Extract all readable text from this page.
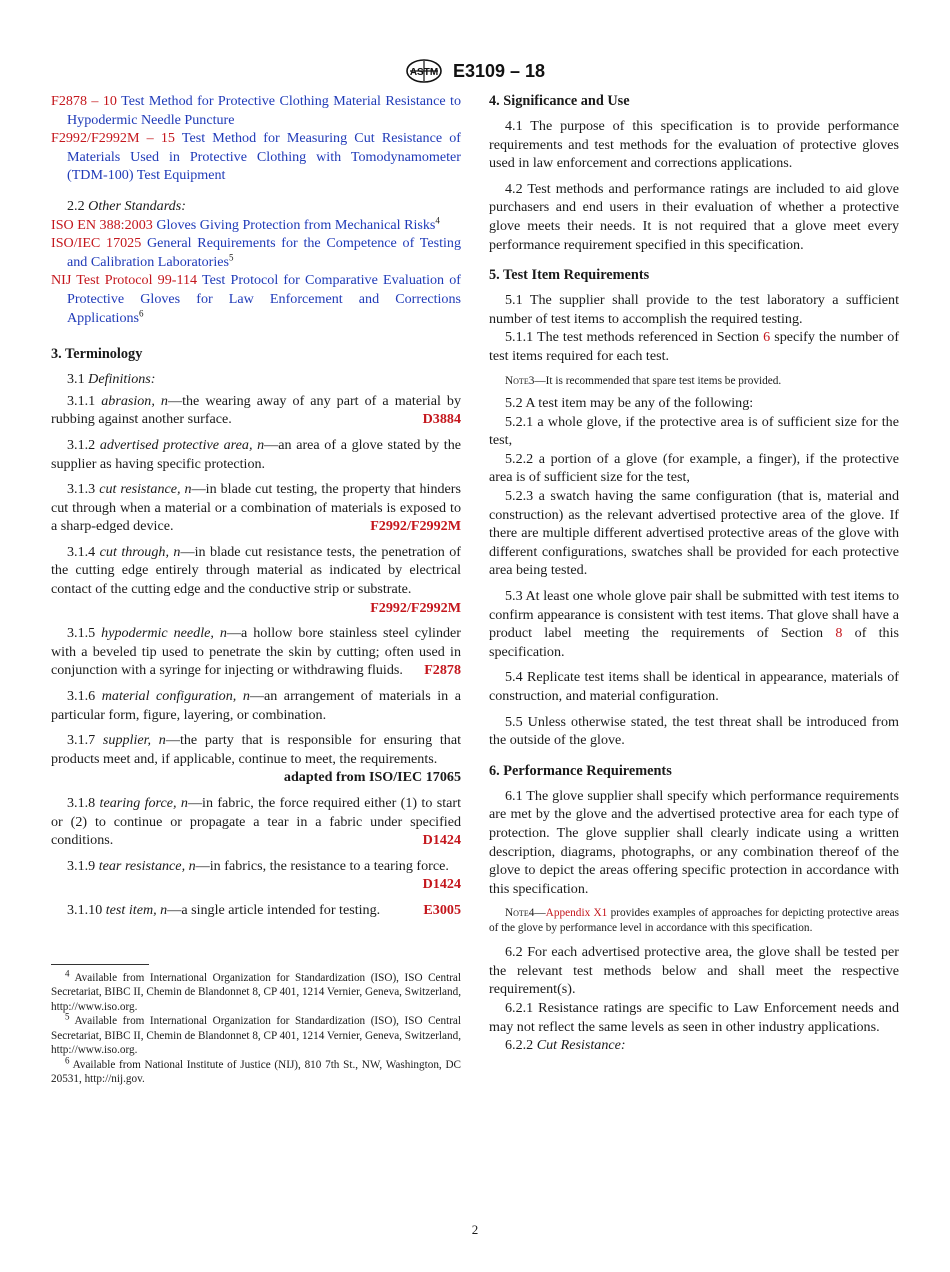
ASTM E3109 – 18

F2878 – 10 Test Method for Protective Clothing Material Resistance to Hypodermic Needle Puncture

F2992/F2992M – 15 Test Method for Measuring Cut Resistance of Materials Used in Protective Clothing with Tomodynamometer (TDM-100) Test Equipment

2.2 Other Standards:

ISO EN 388:2003 Gloves Giving Protection from Mechanical Risks$^4$

ISO/IEC 17025 General Requirements for the Competence of Testing and Calibration Laboratories$^5$

NIJ Test Protocol 99-114 Test Protocol for Comparative Evaluation of Protective Gloves for Law Enforcement and Corrections Applications$^6$

3. Terminology

3.1 Definitions:

3.1.1 abrasion, n—the wearing away of any part of a material by rubbing against another surface.	D3884

3.1.2 advertised protective area, n—an area of a glove stated by the supplier as having specific protection.

3.1.3 cut resistance, n—in blade cut testing, the property that hinders cut through when a material or a combination of materials is exposed to a sharp-edged device.	F2992/F2992M

3.1.4 cut through, n—in blade cut resistance tests, the penetration of the cutting edge entirely through material as indicated by electrical contact of the cutting edge and the conductive strip or substrate.
F2992/F2992M

3.1.5 hypodermic needle, n—a hollow bore stainless steel cylinder with a beveled tip used to penetrate the skin by cutting; often used in conjunction with a syringe for injecting or withdrawing fluids.	F2878

3.1.6 material configuration, n—an arrangement of materials in a particular form, figure, layering, or combination.

3.1.7 supplier, n—the party that is responsible for ensuring that products meet and, if applicable, continue to meet, the requirements.
adapted from ISO/IEC 17065

3.1.8 tearing force, n—in fabric, the force required either (1) to start or (2) to continue or propagate a tear in a fabric under specified conditions.	D1424

3.1.9 tear resistance, n—in fabrics, the resistance to a tearing force.
D1424

3.1.10 test item, n—a single article intended for testing.	E3005

$^4$ Available from International Organization for Standardization (ISO), ISO Central Secretariat, BIBC II, Chemin de Blandonnet 8, CP 401, 1214 Vernier, Geneva, Switzerland, http://www.iso.org.

$^5$ Available from International Organization for Standardization (ISO), ISO Central Secretariat, BIBC II, Chemin de Blandonnet 8, CP 401, 1214 Vernier, Geneva, Switzerland, http://www.iso.org.

$^6$ Available from National Institute of Justice (NIJ), 810 7th St., NW, Washington, DC 20531, http://nij.gov.

4. Significance and Use

4.1 The purpose of this specification is to provide performance requirements and test methods for the evaluation of protective gloves used in law enforcement and corrections applications.

4.2 Test methods and performance ratings are included to aid glove purchasers and end users in their evaluation of whether a protective glove meets their needs. It is not required that a glove meet every performance requirement specified in this specification.

5. Test Item Requirements

5.1 The supplier shall provide to the test laboratory a sufficient number of test items to accomplish the required testing.

5.1.1 The test methods referenced in Section 6 specify the number of test items required for each test.

Note3—It is recommended that spare test items be provided.

5.2 A test item may be any of the following:

5.2.1 a whole glove, if the protective area is of sufficient size for the test,

5.2.2 a portion of a glove (for example, a finger), if the protective area is of sufficient size for the test,

5.2.3 a swatch having the same configuration (that is, material and construction) as the relevant advertised protective area of the glove. If there are multiple different advertised protective areas of the glove with different configurations, swatches shall be provided for each protective area being tested.

5.3 At least one whole glove pair shall be submitted with test items to confirm appearance is consistent with test items. That glove shall have a product label meeting the requirements of Section 8 of this specification.

5.4 Replicate test items shall be identical in appearance, materials of construction, and material configuration.

5.5 Unless otherwise stated, the test threat shall be introduced from the outside of the glove.

6. Performance Requirements

6.1 The glove supplier shall specify which performance requirements are met by the glove and the advertised protective area for each type of protection. The glove supplier shall clearly indicate using a written description, diagrams, photographs, or any combination thereof of the glove to depict the areas offering specific protection in accordance with this specification.

Note4—Appendix X1 provides examples of approaches for depicting protective areas of the glove by performance level in accordance with this specification.

6.2 For each advertised protective area, the glove shall be tested per the relevant test methods below and shall meet the respective requirement(s).

6.2.1 Resistance ratings are specific to Law Enforcement needs and may not reflect the same levels as seen in other industry applications.

6.2.2 Cut Resistance:

2
